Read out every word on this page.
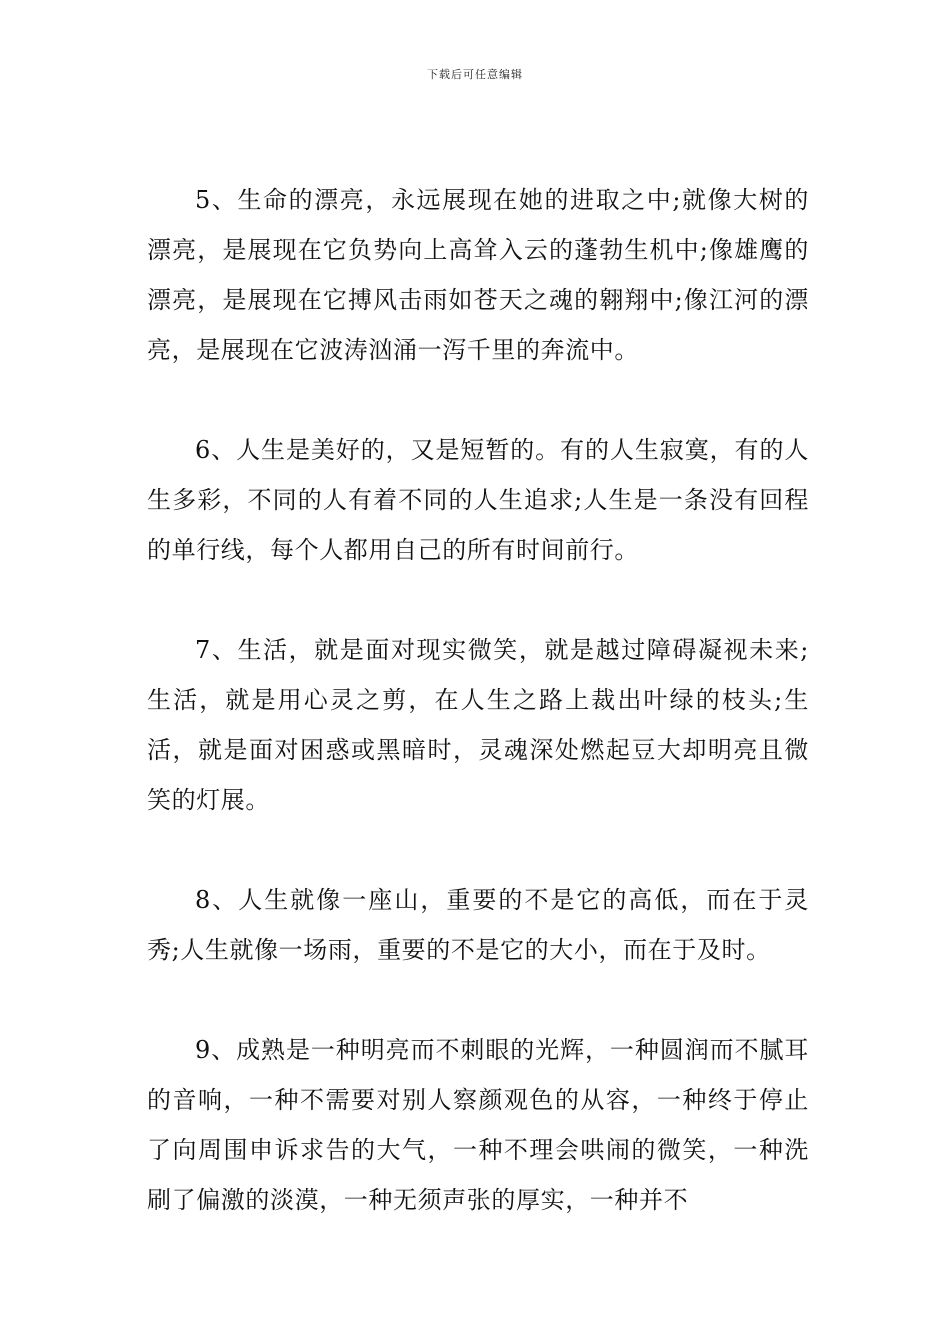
下载后可任意编辑

5、生命的漂亮，永远展现在她的进取之中;就像大树的漂亮，是展现在它负势向上高耸入云的蓬勃生机中;像雄鹰的漂亮，是展现在它搏风击雨如苍天之魂的翱翔中;像江河的漂亮，是展现在它波涛汹涌一泻千里的奔流中。

6、人生是美好的，又是短暂的。有的人生寂寞，有的人生多彩，不同的人有着不同的人生追求;人生是一条没有回程的单行线，每个人都用自己的所有时间前行。

7、生活，就是面对现实微笑，就是越过障碍凝视未来;生活，就是用心灵之剪，在人生之路上裁出叶绿的枝头;生活，就是面对困惑或黑暗时，灵魂深处燃起豆大却明亮且微笑的灯展。

8、人生就像一座山，重要的不是它的高低，而在于灵秀;人生就像一场雨，重要的不是它的大小，而在于及时。

9、成熟是一种明亮而不刺眼的光辉，一种圆润而不腻耳的音响，一种不需要对别人察颜观色的从容，一种终于停止了向周围申诉求告的大气，一种不理会哄闹的微笑，一种洗刷了偏激的淡漠，一种无须声张的厚实，一种并不
